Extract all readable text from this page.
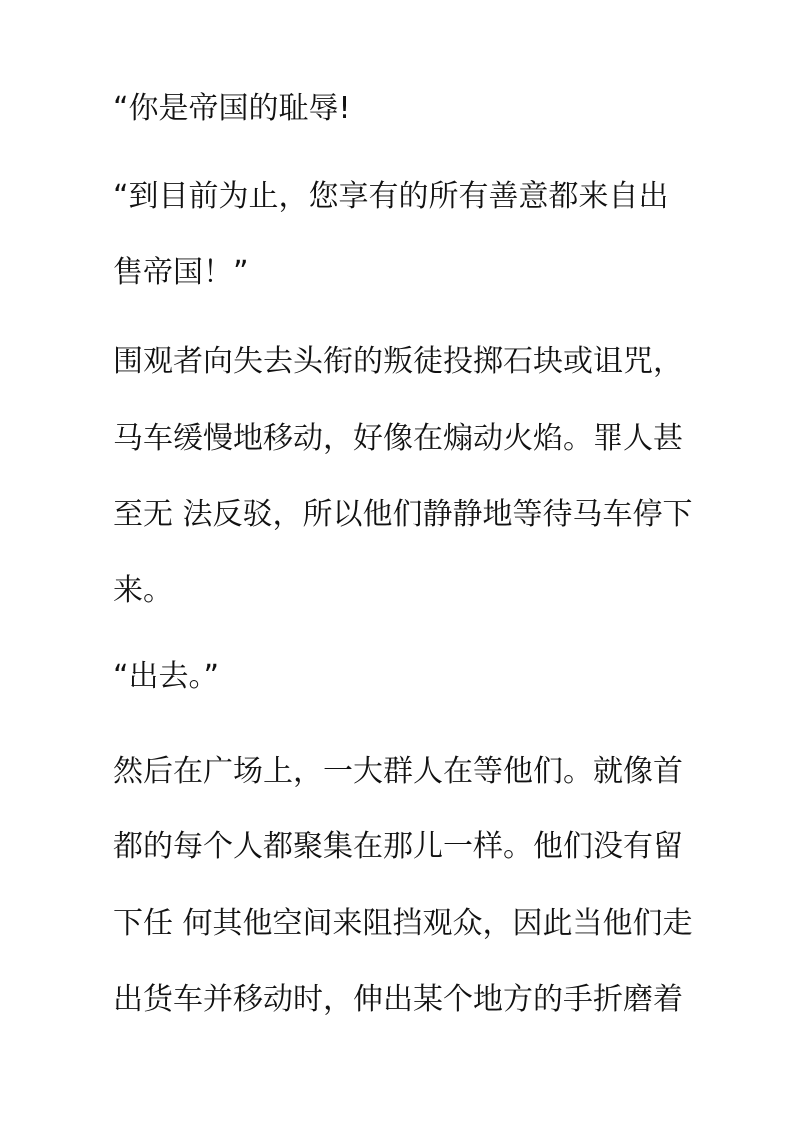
“你是帝国的耻辱!
“到目前为止，您享有的所有善意都来自出
售帝国！”
围观者向失去头衔的叛徒投掷石块或诅咒，
马车缓慢地移动，好像在煽动火焰。罪人甚
至无 法反驳，所以他们静静地等待马车停下
来。
“出去。”
然后在广场上，一大群人在等他们。就像首
都的每个人都聚集在那儿一样。他们没有留
下任 何其他空间来阻挡观众，因此当他们走
出货车并移动时，伸出某个地方的手折磨着
